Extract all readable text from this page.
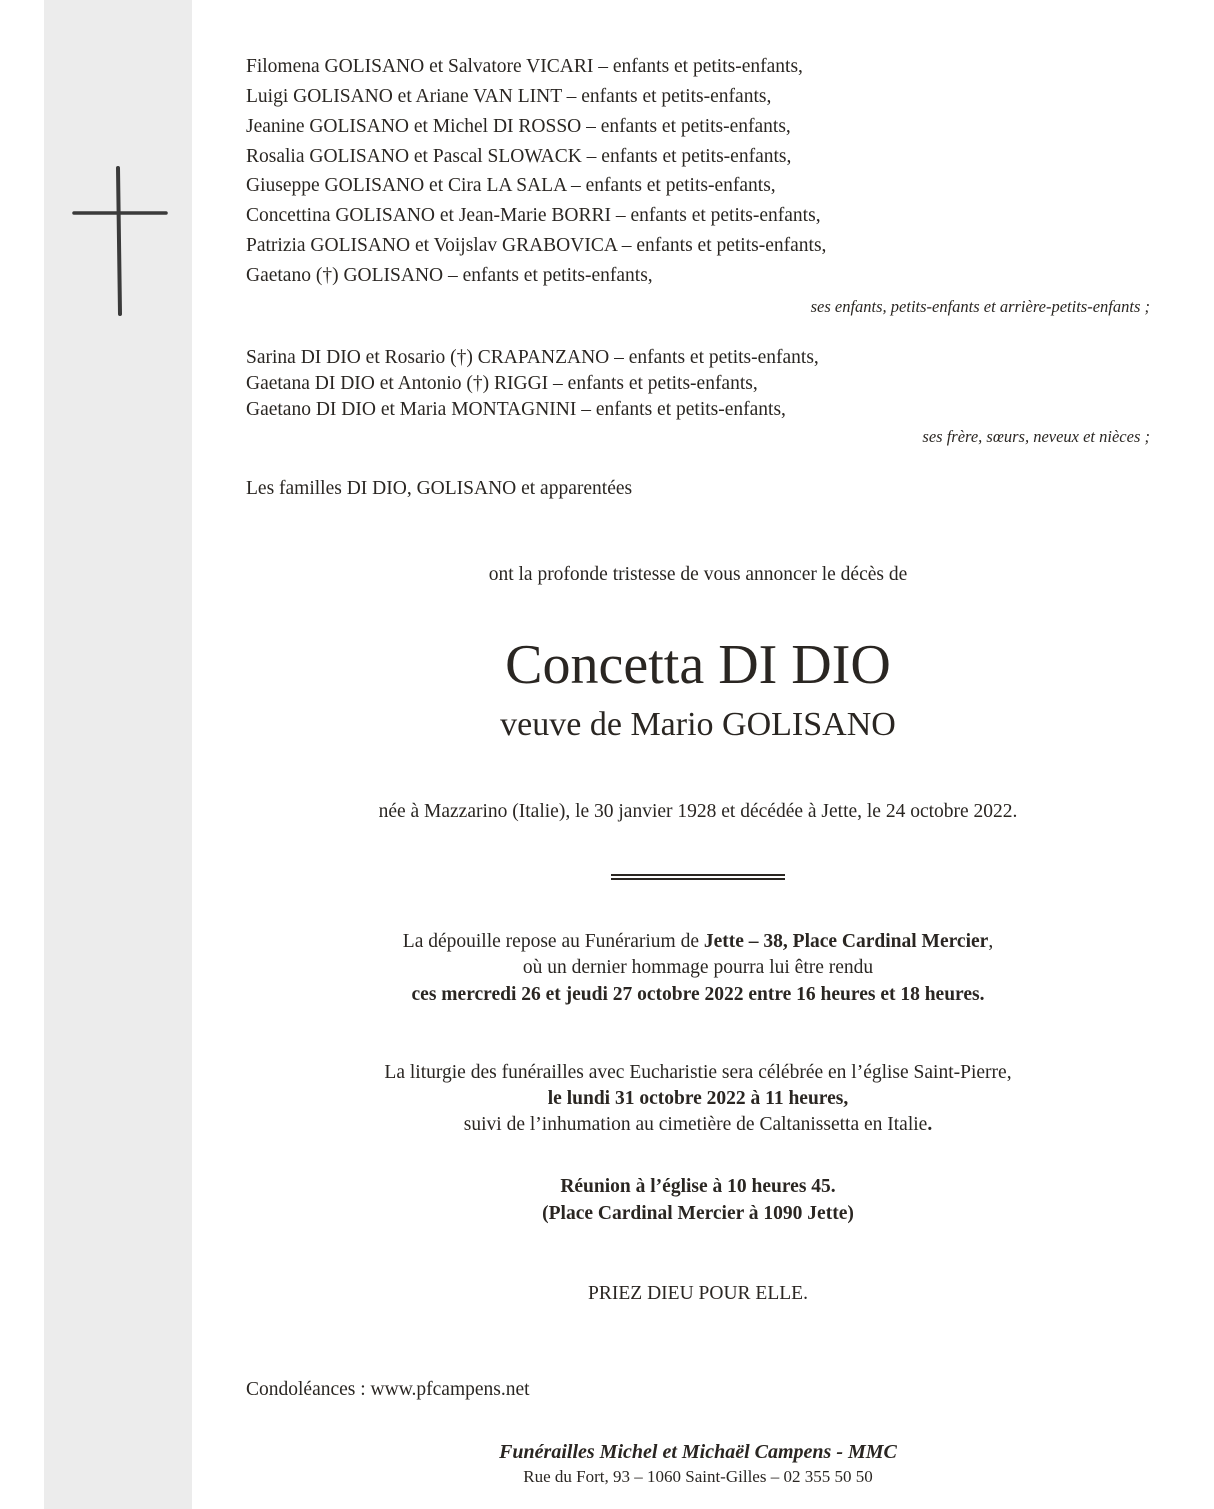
Filomena GOLISANO et Salvatore VICARI – enfants et petits-enfants,
Luigi GOLISANO et Ariane VAN LINT – enfants et petits-enfants,
Jeanine GOLISANO et Michel DI ROSSO – enfants et petits-enfants,
Rosalia GOLISANO et Pascal SLOWACK – enfants et petits-enfants,
Giuseppe GOLISANO et Cira LA SALA – enfants et petits-enfants,
Concettina GOLISANO et Jean-Marie BORRI – enfants et petits-enfants,
Patrizia GOLISANO et Voijslav GRABOVICA – enfants et petits-enfants,
Gaetano (†) GOLISANO – enfants et petits-enfants,
ses enfants, petits-enfants et arrière-petits-enfants ;
Sarina DI DIO et Rosario (†) CRAPANZANO – enfants et petits-enfants,
Gaetana DI DIO et Antonio (†) RIGGI – enfants et petits-enfants,
Gaetano DI DIO et Maria MONTAGNINI – enfants et petits-enfants,
ses frère, sœurs, neveux et nièces ;
Les familles DI DIO, GOLISANO et apparentées
ont la profonde tristesse de vous annoncer le décès de
Concetta DI DIO
veuve de Mario GOLISANO
née à Mazzarino (Italie), le 30 janvier 1928 et décédée à Jette, le 24 octobre 2022.
La dépouille repose au Funérarium de Jette – 38, Place Cardinal Mercier,
où un dernier hommage pourra lui être rendu
ces mercredi 26 et jeudi 27 octobre 2022 entre 16 heures et 18 heures.
La liturgie des funérailles avec Eucharistie sera célébrée en l’église Saint-Pierre,
le lundi 31 octobre 2022 à 11 heures,
suivi de l’inhumation au cimetière de Caltanissetta en Italie.
Réunion à l’église à 10 heures 45.
(Place Cardinal Mercier à 1090 Jette)
PRIEZ DIEU POUR ELLE.
Condoléances : www.pfcampens.net
Funérailles Michel et Michaël Campens - MMC
Rue du Fort, 93 – 1060 Saint-Gilles – 02 355 50 50
